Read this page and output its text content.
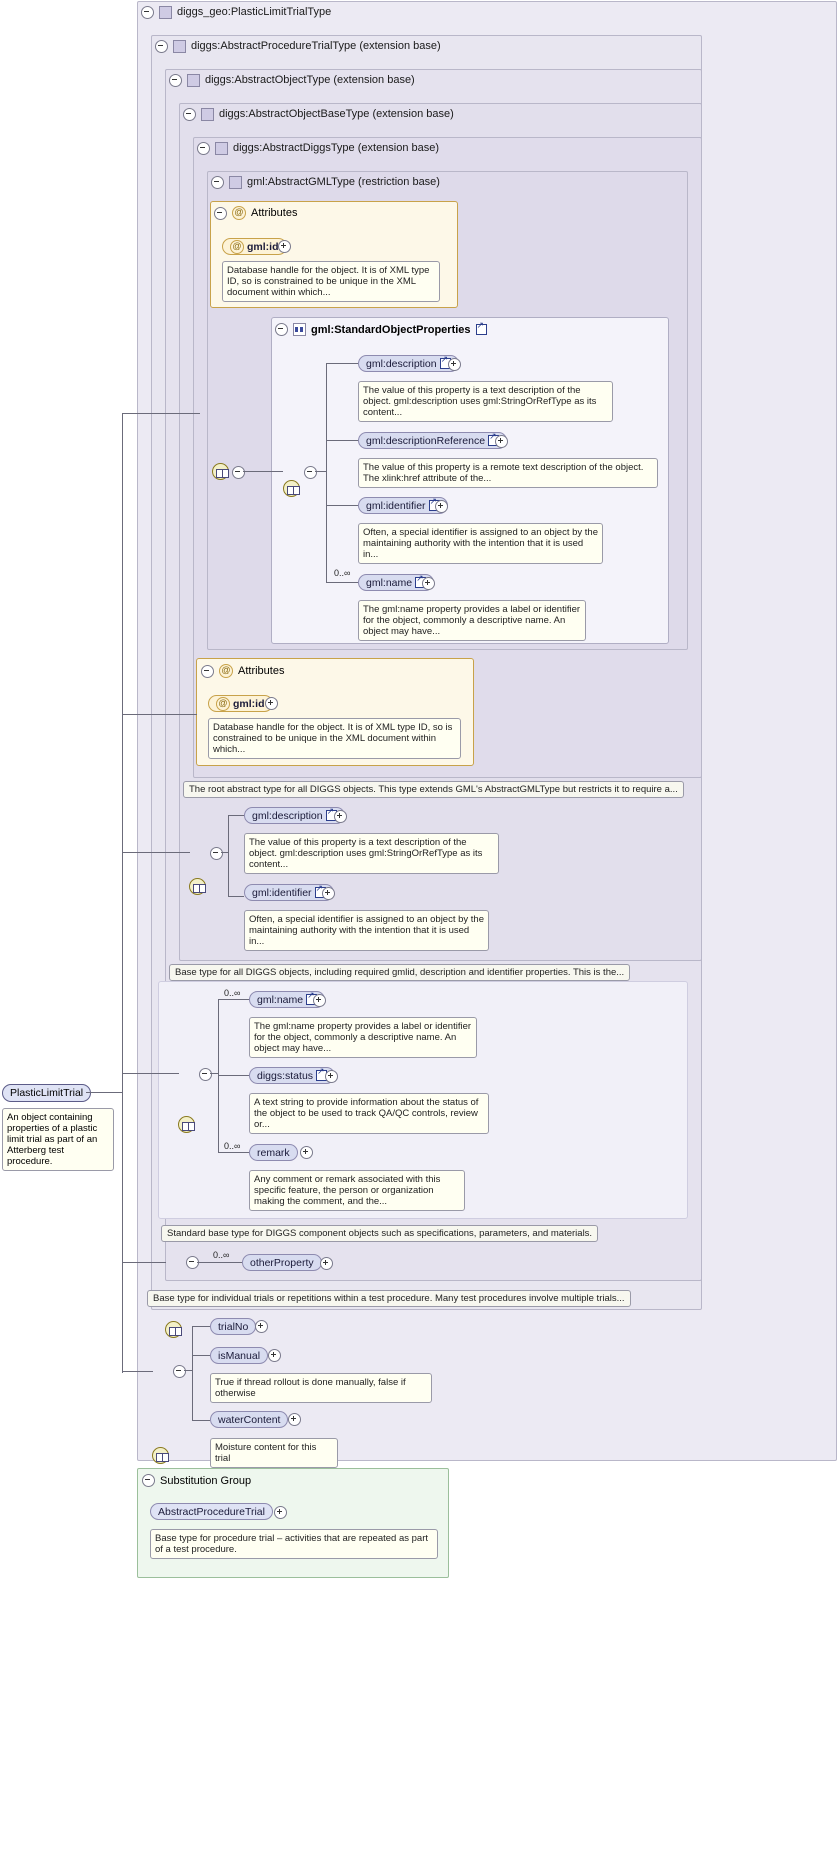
diggs_geo:PlasticLimitTrialType
diggs:AbstractProcedureTrialType (extension base)
diggs:AbstractObjectType (extension base)
diggs:AbstractObjectBaseType (extension base)
diggs:AbstractDiggsType (extension base)
gml:AbstractGMLType (restriction base)
@ Attributes
@ gml:id
Database handle for the object. It is of XML type ID, so is constrained to be unique in the XML document within which...
gml:StandardObjectProperties
↗
gml:description
↗
The value of this property is a text description of the object. gml:description uses gml:StringOrRefType as its content...
gml:descriptionReference
↗
The value of this property is a remote text description of the object. The xlink:href attribute of the...
gml:identifier
↗
Often, a special identifier is assigned to an object by the maintaining authority with the intention that it is used in...
0..∞
gml:name
↗
The gml:name property provides a label or identifier for the object, commonly a descriptive name. An object may have...
@ Attributes
@ gml:id
Database handle for the object. It is of XML type ID, so is constrained to be unique in the XML document within which...
The root abstract type for all DIGGS objects. This type extends GML's AbstractGMLType but restricts it to require a...
gml:description
↗
The value of this property is a text description of the object. gml:description uses gml:StringOrRefType as its content...
gml:identifier
↗
Often, a special identifier is assigned to an object by the maintaining authority with the intention that it is used in...
Base type for all DIGGS objects, including required gmlid, description and identifier properties. This is the...
0..∞
gml:name
↗
The gml:name property provides a label or identifier for the object, commonly a descriptive name. An object may have...
diggs:status
↗
A text string to provide information about the status of the object to be used to track QA/QC controls, review or...
0..∞
remark
Any comment or remark associated with this specific feature, the person or organization making the comment, and the...
Standard base type for DIGGS component objects such as specifications, parameters, and materials.
0..∞
otherProperty
Base type for individual trials or repetitions within a test procedure. Many test procedures involve multiple trials...
trialNo
isManual
True if thread rollout is done manually, false if otherwise
waterContent
Moisture content for this trial
PlasticLimitTrial
An object containing properties of a plastic limit trial as part of an Atterberg test procedure.
Substitution Group
AbstractProcedureTrial
Base type for procedure trial – activities that are repeated as part of a test procedure.
